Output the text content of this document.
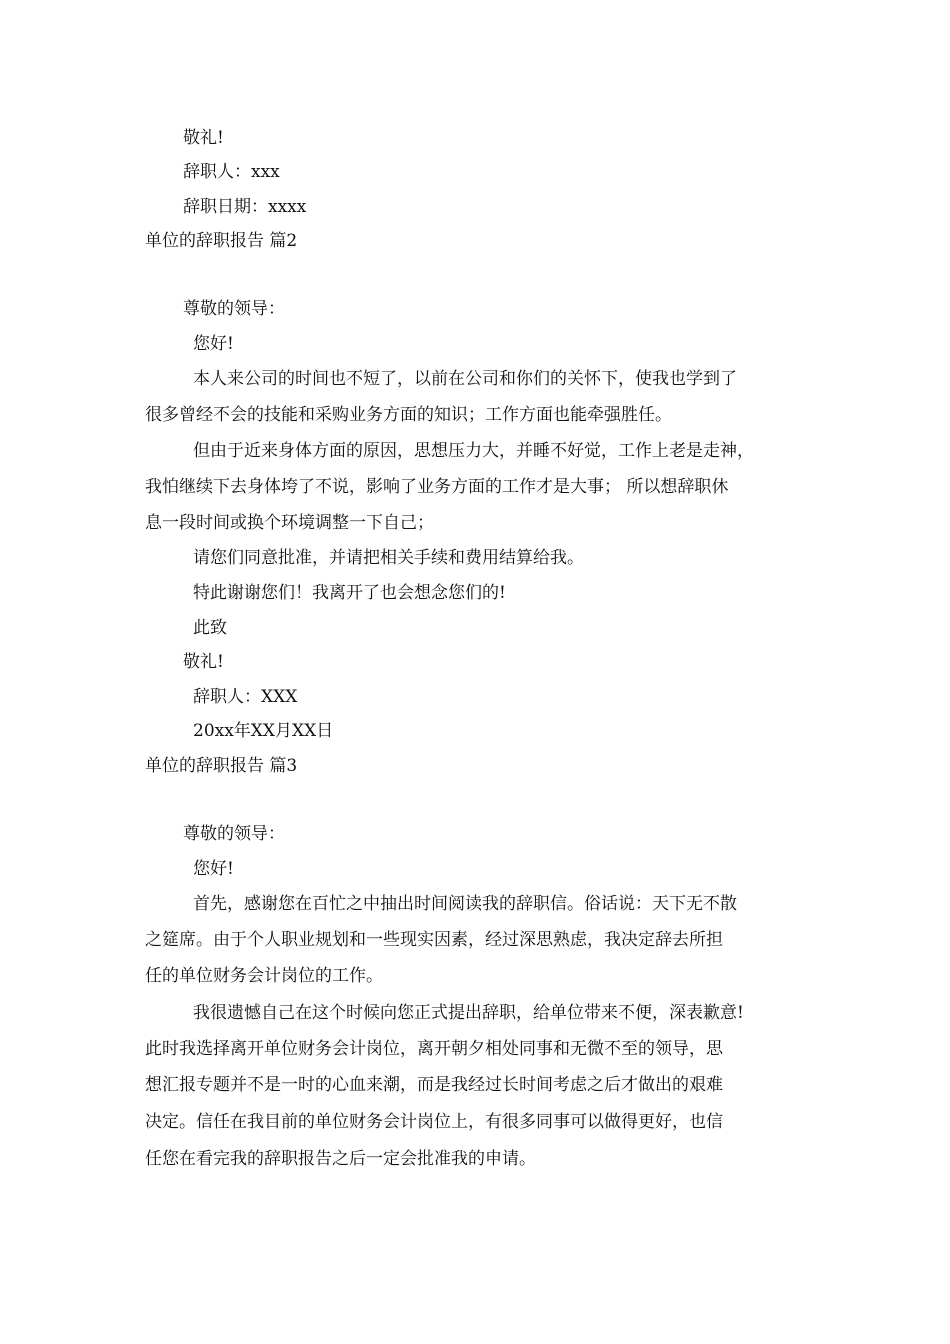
敬礼!
辞职人：xxx
辞职日期：xxxx
单位的辞职报告 篇2
尊敬的领导：
您好!
本人来公司的时间也不短了，以前在公司和你们的关怀下，使我也学到了
很多曾经不会的技能和采购业务方面的知识；工作方面也能牵强胜任。
但由于近来身体方面的原因，思想压力大，并睡不好觉，工作上老是走神，
我怕继续下去身体垮了不说，影响了业务方面的工作才是大事； 所以想辞职休
息一段时间或换个环境调整一下自己；
请您们同意批准，并请把相关手续和费用结算给我。
特此谢谢您们！我离开了也会想念您们的!
此致
敬礼!
辞职人：XXX
20xx年XX月XX日
单位的辞职报告 篇3
尊敬的领导：
您好!
首先，感谢您在百忙之中抽出时间阅读我的辞职信。俗话说：天下无不散
之筵席。由于个人职业规划和一些现实因素，经过深思熟虑，我决定辞去所担
任的单位财务会计岗位的工作。
我很遗憾自己在这个时候向您正式提出辞职，给单位带来不便，深表歉意!
此时我选择离开单位财务会计岗位，离开朝夕相处同事和无微不至的领导，思
想汇报专题并不是一时的心血来潮，而是我经过长时间考虑之后才做出的艰难
决定。信任在我目前的单位财务会计岗位上，有很多同事可以做得更好，也信
任您在看完我的辞职报告之后一定会批准我的申请。
